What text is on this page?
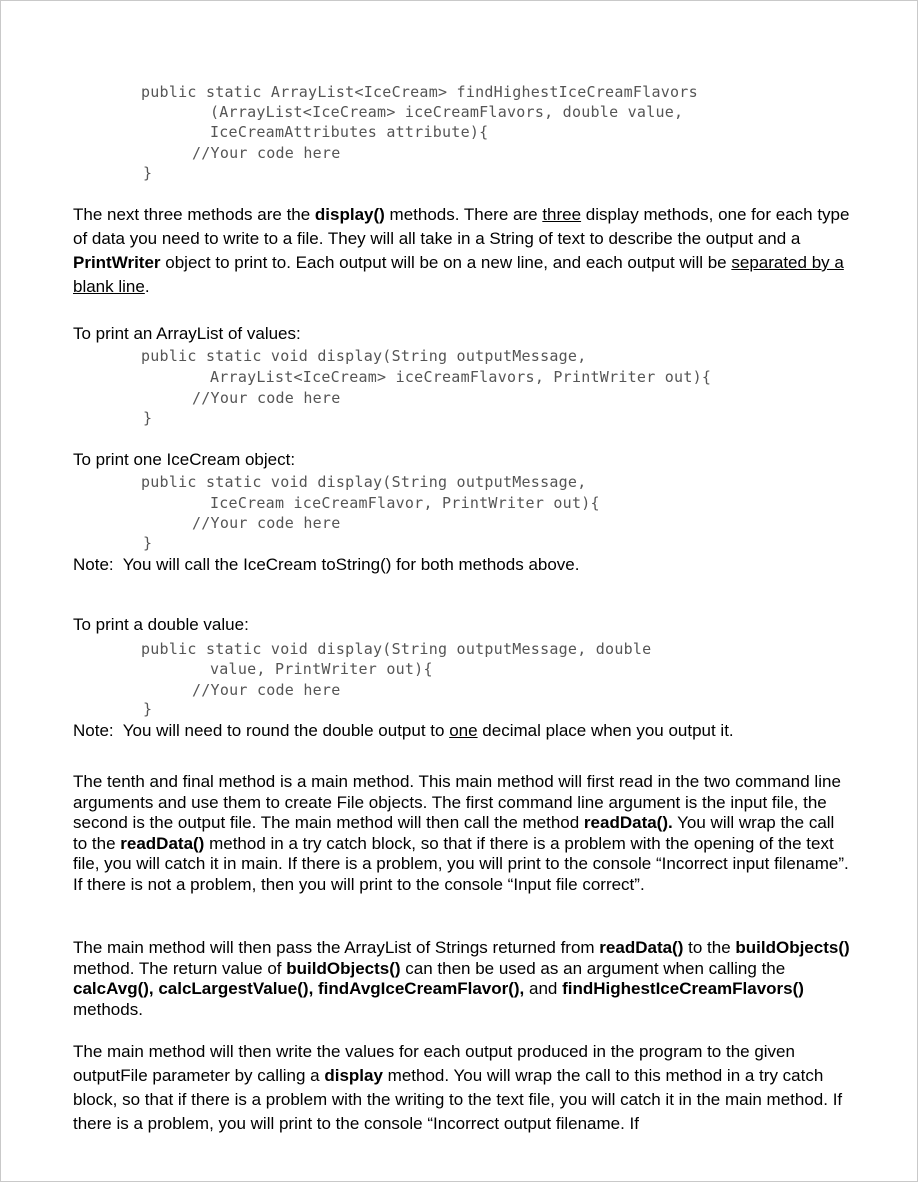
public static ArrayList<IceCream> findHighestIceCreamFlavors
(ArrayList<IceCream> iceCreamFlavors, double value,
IceCreamAttributes attribute){
//Your code here
}
The next three methods are the display() methods. There are three display methods, one for each type of data you need to write to a file. They will all take in a String of text to describe the output and a PrintWriter object to print to. Each output will be on a new line, and each output will be separated by a blank line.
To print an ArrayList of values:
public static void display(String outputMessage,
ArrayList<IceCream> iceCreamFlavors, PrintWriter out){
//Your code here
}
To print one IceCream object:
public static void display(String outputMessage,
IceCream iceCreamFlavor, PrintWriter out){
//Your code here
}
Note:  You will call the IceCream toString() for both methods above.
To print a double value:
public static void display(String outputMessage, double
value, PrintWriter out){
//Your code here
}
Note:  You will need to round the double output to one decimal place when you output it.
The tenth and final method is a main method. This main method will first read in the two command line arguments and use them to create File objects. The first command line argument is the input file, the second is the output file. The main method will then call the method readData(). You will wrap the call to the readData() method in a try catch block, so that if there is a problem with the opening of the text file, you will catch it in main. If there is a problem, you will print to the console “Incorrect input filename”. If there is not a problem, then you will print to the console “Input file correct”.
The main method will then pass the ArrayList of Strings returned from readData() to the buildObjects() method. The return value of buildObjects() can then be used as an argument when calling the calcAvg(), calcLargestValue(), findAvgIceCreamFlavor(), and findHighestIceCreamFlavors() methods.
The main method will then write the values for each output produced in the program to the given outputFile parameter by calling a display method. You will wrap the call to this method in a try catch block, so that if there is a problem with the writing to the text file, you will catch it in the main method. If there is a problem, you will print to the console “Incorrect output filename. If
